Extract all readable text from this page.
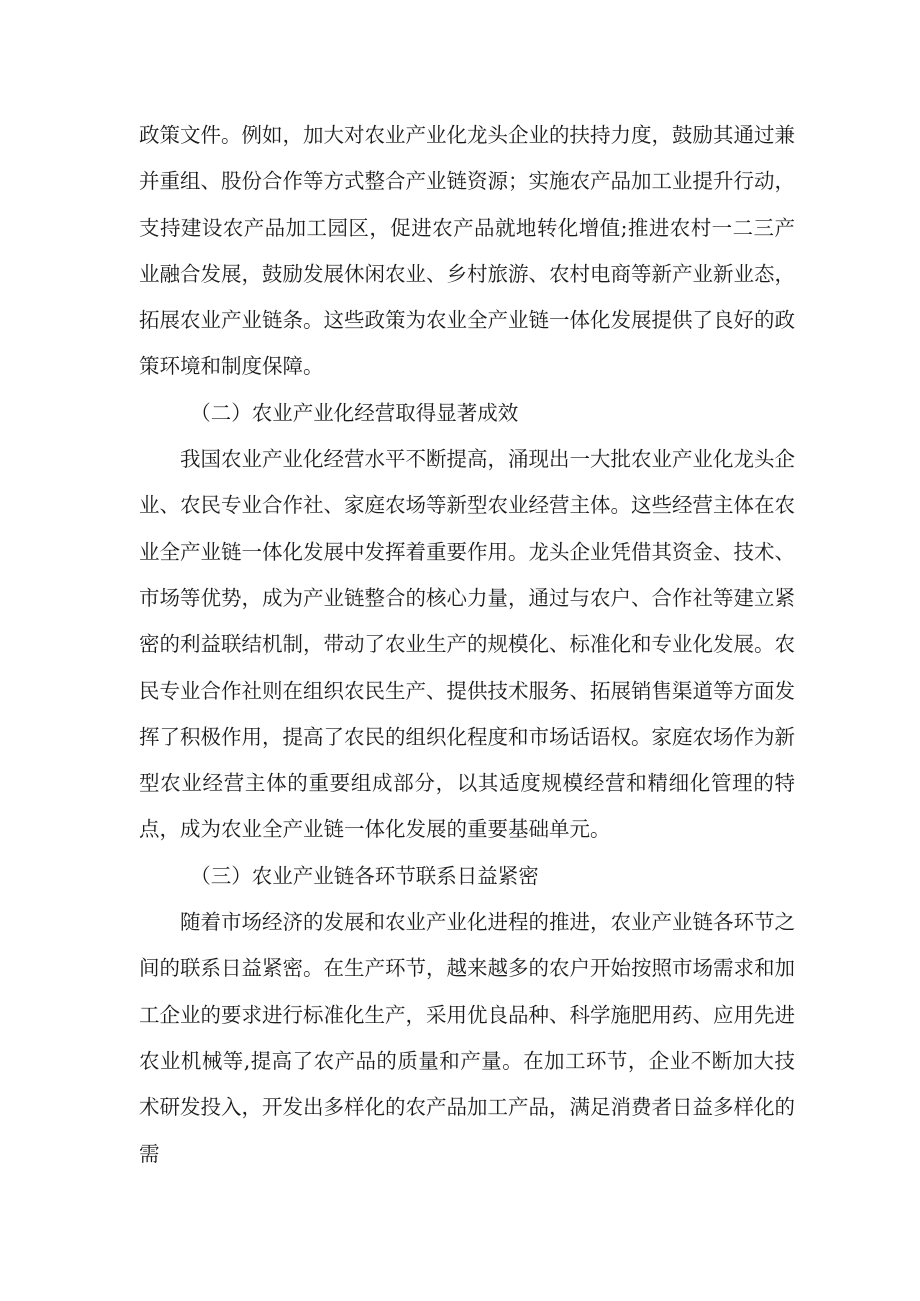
政策文件。例如，加大对农业产业化龙头企业的扶持力度，鼓励其通过兼并重组、股份合作等方式整合产业链资源；实施农产品加工业提升行动，支持建设农产品加工园区，促进农产品就地转化增值;推进农村一二三产业融合发展，鼓励发展休闲农业、乡村旅游、农村电商等新产业新业态，拓展农业产业链条。这些政策为农业全产业链一体化发展提供了良好的政策环境和制度保障。

（二）农业产业化经营取得显著成效

我国农业产业化经营水平不断提高，涌现出一大批农业产业化龙头企业、农民专业合作社、家庭农场等新型农业经营主体。这些经营主体在农业全产业链一体化发展中发挥着重要作用。龙头企业凭借其资金、技术、市场等优势，成为产业链整合的核心力量，通过与农户、合作社等建立紧密的利益联结机制，带动了农业生产的规模化、标准化和专业化发展。农民专业合作社则在组织农民生产、提供技术服务、拓展销售渠道等方面发挥了积极作用，提高了农民的组织化程度和市场话语权。家庭农场作为新型农业经营主体的重要组成部分，以其适度规模经营和精细化管理的特点，成为农业全产业链一体化发展的重要基础单元。

（三）农业产业链各环节联系日益紧密

随着市场经济的发展和农业产业化进程的推进，农业产业链各环节之间的联系日益紧密。在生产环节，越来越多的农户开始按照市场需求和加工企业的要求进行标准化生产，采用优良品种、科学施肥用药、应用先进农业机械等,提高了农产品的质量和产量。在加工环节，企业不断加大技术研发投入，开发出多样化的农产品加工产品，满足消费者日益多样化的需
